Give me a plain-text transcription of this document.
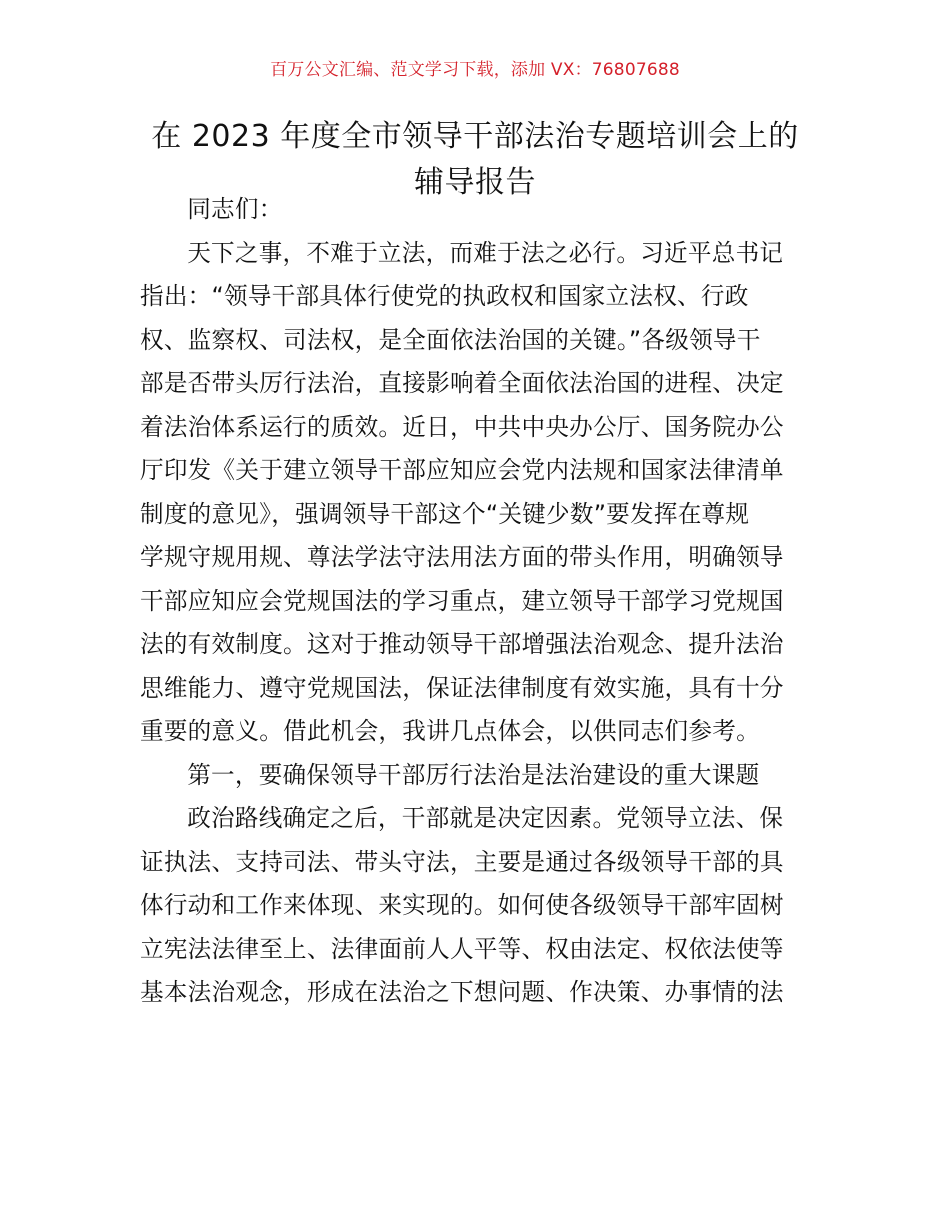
百万公文汇编、范文学习下载，添加 VX：76807688
在 2023 年度全市领导干部法治专题培训会上的
辅导报告

同志们：

天下之事，不难于立法，而难于法之必行。习近平总书记
指出：“领导干部具体行使党的执政权和国家立法权、行政
权、监察权、司法权，是全面依法治国的关键。”各级领导干
部是否带头厉行法治，直接影响着全面依法治国的进程、决定
着法治体系运行的质效。近日，中共中央办公厅、国务院办公
厅印发《关于建立领导干部应知应会党内法规和国家法律清单
制度的意见》，强调领导干部这个“关键少数”要发挥在尊规
学规守规用规、尊法学法守法用法方面的带头作用，明确领导
干部应知应会党规国法的学习重点，建立领导干部学习党规国
法的有效制度。这对于推动领导干部增强法治观念、提升法治
思维能力、遵守党规国法，保证法律制度有效实施，具有十分
重要的意义。借此机会，我讲几点体会，以供同志们参考。

第一，要确保领导干部厉行法治是法治建设的重大课题

政治路线确定之后，干部就是决定因素。党领导立法、保
证执法、支持司法、带头守法，主要是通过各级领导干部的具
体行动和工作来体现、来实现的。如何使各级领导干部牢固树
立宪法法律至上、法律面前人人平等、权由法定、权依法使等
基本法治观念，形成在法治之下想问题、作决策、办事情的法
